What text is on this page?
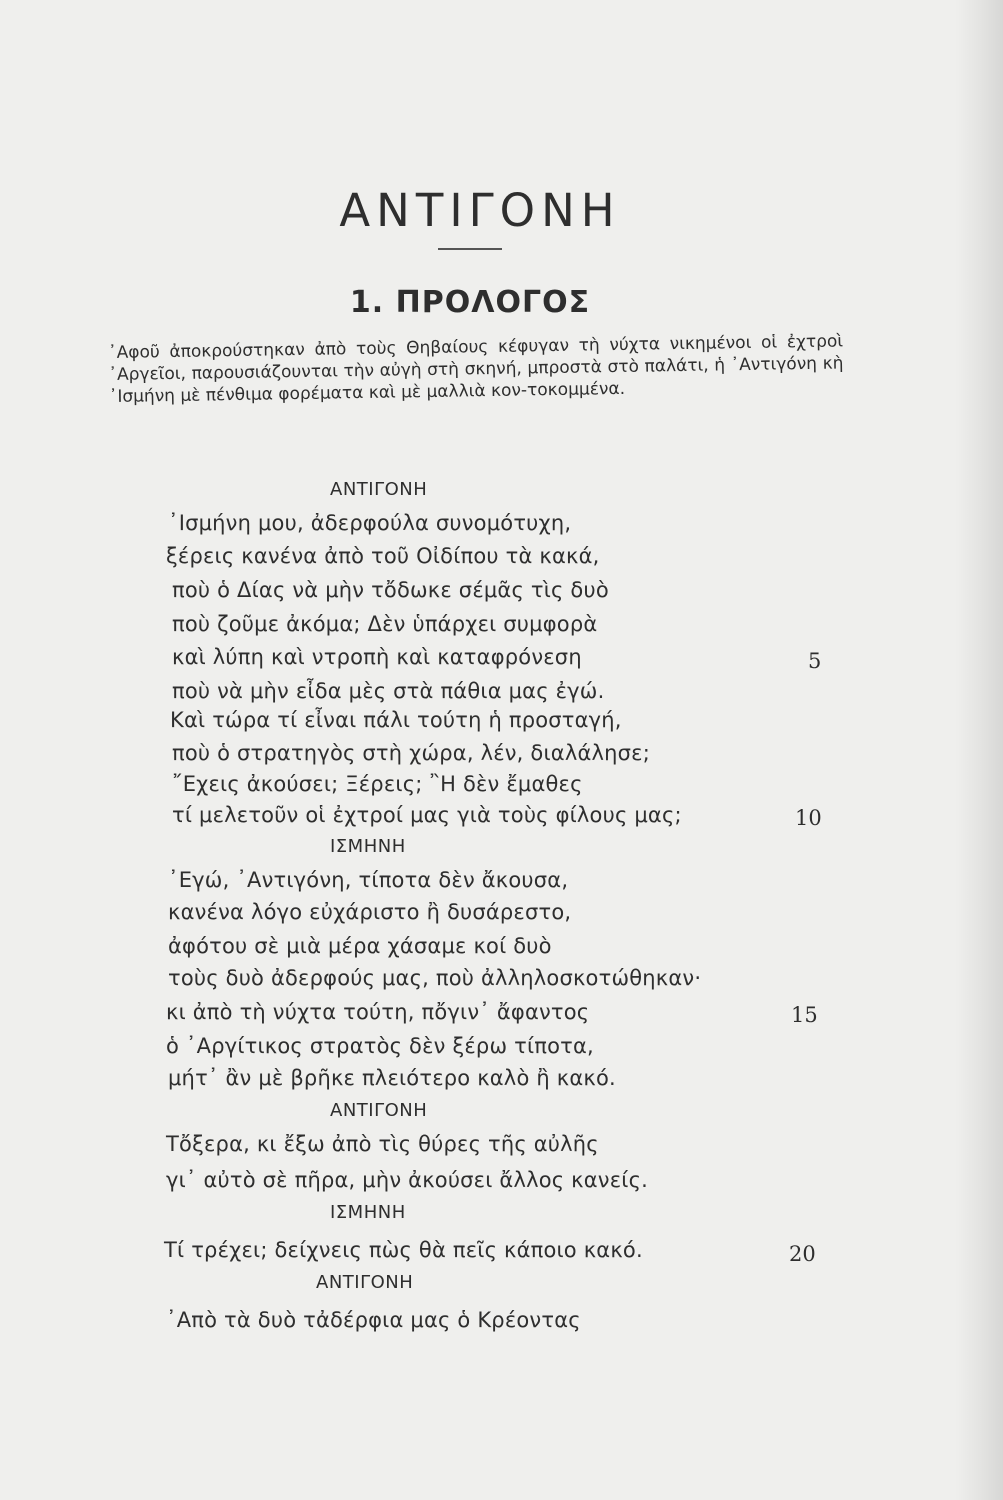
ΑΝΤΙΓΟΝΗ
1. ΠΡΟΛΟΓΟΣ

᾿Αφοῦ ἀποκρούστηκαν ἀπὸ τοὺς Θηβαίους κέφυγαν τὴ νύχτα νικημένοι οἱ ἐχτροὶ ᾿Αργεῖοι, παρουσιάζουνται τὴν αὐγὴ στὴ σκηνή, μπροστὰ στὸ παλάτι, ἡ ᾿Αντιγόνη κὴ ᾿Ισμήνη μὲ πένθιμα φορέματα καὶ μὲ μαλλιὰ κον-τοκομμένα.

ΑΝΤΙΓΟΝΗ
᾿Ισμήνη μου, ἀδερφούλα συνομότυχη,
ξέρεις κανένα ἀπὸ τοῦ Οἰδίπου τὰ κακά,
ποὺ ὁ Δίας νὰ μὴν τὄδωκε σέμᾶς τὶς δυὸ
ποὺ ζοῦμε ἀκόμα; Δὲν ὑπάρχει συμφορὰ
καὶ λύπη καὶ ντροπὴ καὶ καταφρόνεση	5
ποὺ νὰ μὴν εἶδα μὲς στὰ πάθια μας ἐγώ.
Καὶ τώρα τί εἶναι πάλι τούτη ἡ προσταγή,
ποὺ ὁ στρατηγὸς στὴ χώρα, λέν, διαλάλησε;
῎Εχεις ἀκούσει; Ξέρεις; ῍Η δὲν ἔμαθες
τί μελετοῦν οἱ ἐχτροί μας γιὰ τοὺς φίλους μας;	10
ΙΣΜΗΝΗ
᾿Εγώ, ᾿Αντιγόνη, τίποτα δὲν ἄκουσα,
κανένα λόγο εὐχάριστο ἢ δυσάρεστο,
ἀφότου σὲ μιὰ μέρα χάσαμε κοί δυὸ
τοὺς δυὸ ἀδερφούς μας, ποὺ ἀλληλοσκοτώθηκαν·
κι ἀπὸ τὴ νύχτα τούτη, πὄγιν᾿ ἄφαντος	15
ὁ ᾿Αργίτικος στρατὸς δὲν ξέρω τίποτα,
μήτ᾿ ἂν μὲ βρῆκε πλειότερο καλὸ ἢ κακό.
ΑΝΤΙΓΟΝΗ
Τὄξερα, κι ἔξω ἀπὸ τὶς θύρες τῆς αὐλῆς
γι᾿ αὐτὸ σὲ πῆρα, μὴν ἀκούσει ἄλλος κανείς.
ΙΣΜΗΝΗ
Τί τρέχει; δείχνεις πὼς θὰ πεῖς κάποιο κακό.	20
ΑΝΤΙΓΟΝΗ
᾿Απὸ τὰ δυὸ τἀδέρφια μας ὁ Κρέοντας
